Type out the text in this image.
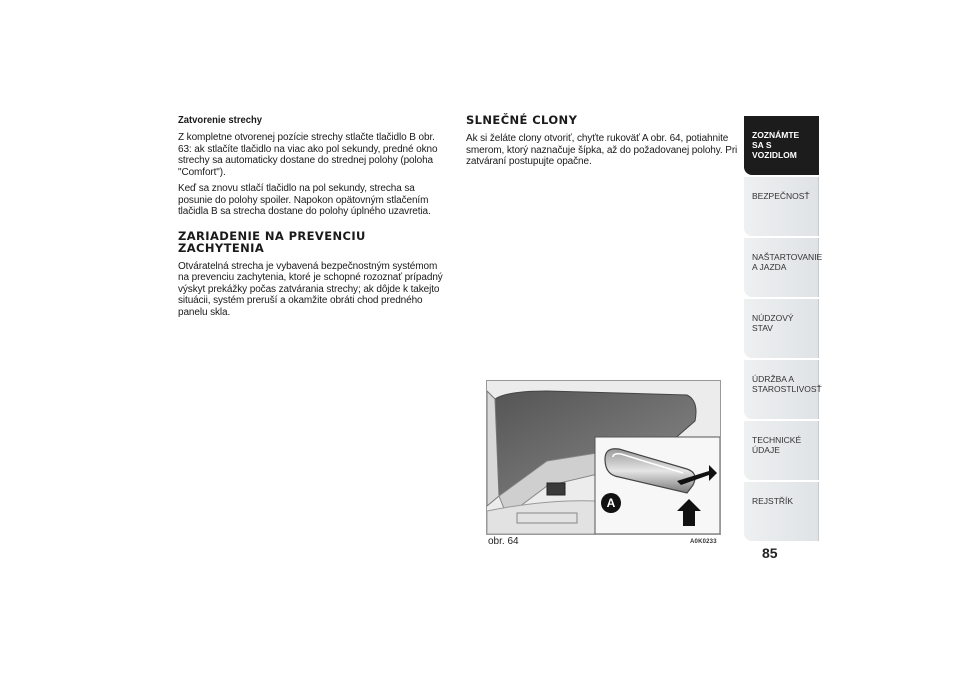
Zatvorenie strechy

Z kompletne otvorenej pozície strechy stlačte tlačidlo B obr. 63: ak stlačíte tlačidlo na viac ako pol sekundy, predné okno strechy sa automaticky dostane do strednej polohy (poloha "Comfort").

Keď sa znovu stlačí tlačidlo na pol sekundy, strecha sa posunie do polohy spoiler. Napokon opätovným stlačením tlačidla B sa strecha dostane do polohy úplného uzavretia.

ZARIADENIE NA PREVENCIU ZACHYTENIA

Otváratelná strecha je vybavená bezpečnostným systémom na prevenciu zachytenia, ktoré je schopné rozoznať prípadný výskyt prekážky počas zatvárania strechy; ak dôjde k takejto situácii, systém preruší a okamžite obráti chod predného panelu skla.

SLNEČNÉ CLONY

Ak si želáte clony otvoriť, chyťte rukoväť A obr. 64, potiahnite smerom, ktorý naznačuje šípka, až do požadovanej polohy. Pri zatváraní postupujte opačne.

A
obr. 64	A0K0233
ZOZNÁMTE SA S VOZIDLOM
BEZPEČNOSŤ
NAŠTARTOVANIE A JAZDA
NÚDZOVÝ STAV
ÚDRŽBA A STAROSTLIVOSŤ
TECHNICKÉ ÚDAJE
REJSTŘÍK
85
